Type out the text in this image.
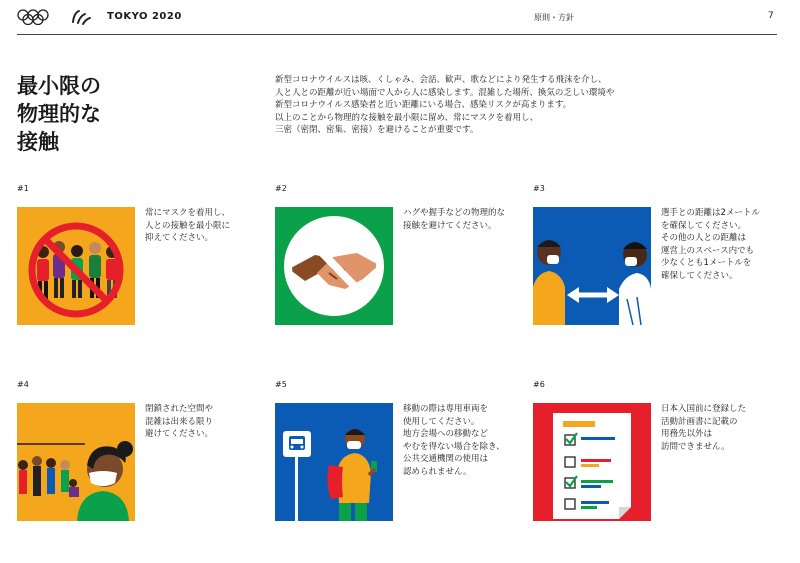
TOKYO 2020	原則・方針	7
最小限の
物理的な
接触
新型コロナウイルスは咳、くしゃみ、会話、歓声、歌などにより発生する飛沫を介し、
人と人との距離が近い場面で人から人に感染します。混雑した場所、換気の乏しい環境や
新型コロナウイルス感染者と近い距離にいる場合、感染リスクが高まります。
以上のことから物理的な接触を最小限に留め、常にマスクを着用し、
三密（密閉、密集、密接）を避けることが重要です。
#1
常にマスクを着用し、
人との接触を最小限に
抑えてください。
#2
ハグや握手などの物理的な
接触を避けてください。
#3
選手との距離は2メートル
を確保してください。
その他の人との距離は
運営上のスペース内でも
少なくとも1メートルを
確保してください。
#4
閉鎖された空間や
混雑は出来る限り
避けてください。
#5
移動の際は専用車両を
使用してください。
地方会場への移動など
やむを得ない場合を除き、
公共交通機関の使用は
認められません。
#6
日本入国前に登録した
活動計画書に記載の
用務先以外は
訪問できません。
